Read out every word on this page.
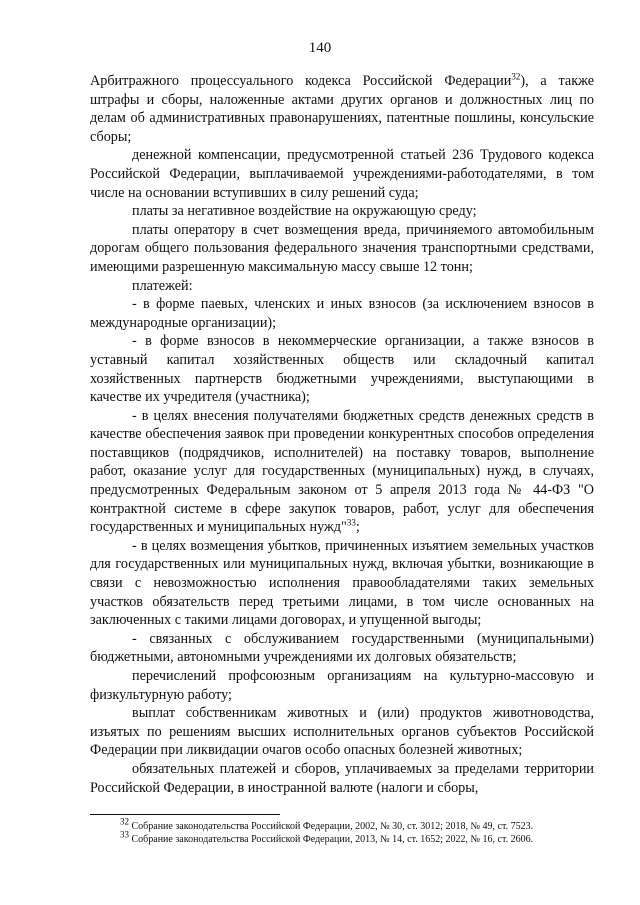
140

Арбитражного процессуального кодекса Российской Федерации$^{32}$), а также штрафы и сборы, наложенные актами других органов и должностных лиц по делам об административных правонарушениях, патентные пошлины, консульские сборы;

денежной компенсации, предусмотренной статьей 236 Трудового кодекса Российской Федерации, выплачиваемой учреждениями-работодателями, в том числе на основании вступивших в силу решений суда;

платы за негативное воздействие на окружающую среду;

платы оператору в счет возмещения вреда, причиняемого автомобильным дорогам общего пользования федерального значения транспортными средствами, имеющими разрешенную максимальную массу свыше 12 тонн;

платежей:

- в форме паевых, членских и иных взносов (за исключением взносов в международные организации);

- в форме взносов в некоммерческие организации, а также взносов в уставный капитал хозяйственных обществ или складочный капитал хозяйственных партнерств бюджетными учреждениями, выступающими в качестве их учредителя (участника);

- в целях внесения получателями бюджетных средств денежных средств в качестве обеспечения заявок при проведении конкурентных способов определения поставщиков (подрядчиков, исполнителей) на поставку товаров, выполнение работ, оказание услуг для государственных (муниципальных) нужд, в случаях, предусмотренных Федеральным законом от 5 апреля 2013 года № 44-ФЗ "О контрактной системе в сфере закупок товаров, работ, услуг для обеспечения государственных и муниципальных нужд"$^{33}$;

- в целях возмещения убытков, причиненных изъятием земельных участков для государственных или муниципальных нужд, включая убытки, возникающие в связи с невозможностью исполнения правообладателями таких земельных участков обязательств перед третьими лицами, в том числе основанных на заключенных с такими лицами договорах, и упущенной выгоды;

- связанных с обслуживанием государственными (муниципальными) бюджетными, автономными учреждениями их долговых обязательств;

перечислений профсоюзным организациям на культурно-массовую и физкультурную работу;

выплат собственникам животных и (или) продуктов животноводства, изъятых по решениям высших исполнительных органов субъектов Российской Федерации при ликвидации очагов особо опасных болезней животных;

обязательных платежей и сборов, уплачиваемых за пределами территории Российской Федерации, в иностранной валюте (налоги и сборы,

$^{32}$ Собрание законодательства Российской Федерации, 2002, № 30, ст. 3012; 2018, № 49, ст. 7523.

$^{33}$ Собрание законодательства Российской Федерации, 2013, № 14, ст. 1652; 2022, № 16, ст. 2606.
